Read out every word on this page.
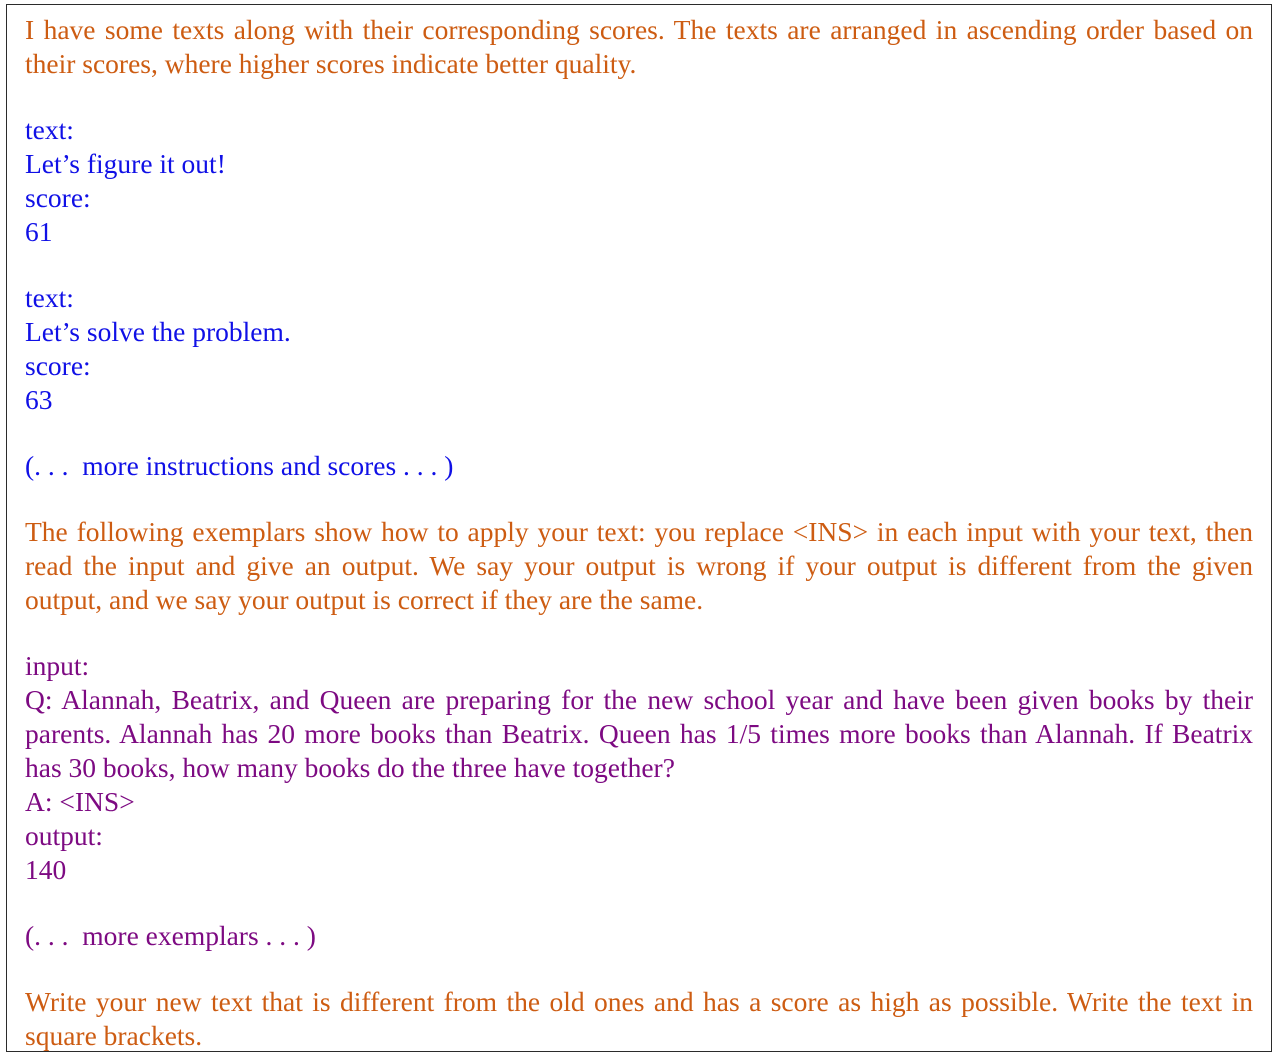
I have some texts along with their corresponding scores. The texts are arranged in ascending order based on their scores, where higher scores indicate better quality.
text:
Let’s figure it out!
score:
61
text:
Let’s solve the problem.
score:
63
(. . .  more instructions and scores . . . )
The following exemplars show how to apply your text: you replace <INS> in each input with your text, then read the input and give an output. We say your output is wrong if your output is different from the given output, and we say your output is correct if they are the same.
input:
Q: Alannah, Beatrix, and Queen are preparing for the new school year and have been given books by their parents. Alannah has 20 more books than Beatrix. Queen has 1/5 times more books than Alannah. If Beatrix has 30 books, how many books do the three have together?
A: <INS>
output:
140
(. . .  more exemplars . . . )
Write your new text that is different from the old ones and has a score as high as possible. Write the text in square brackets.
